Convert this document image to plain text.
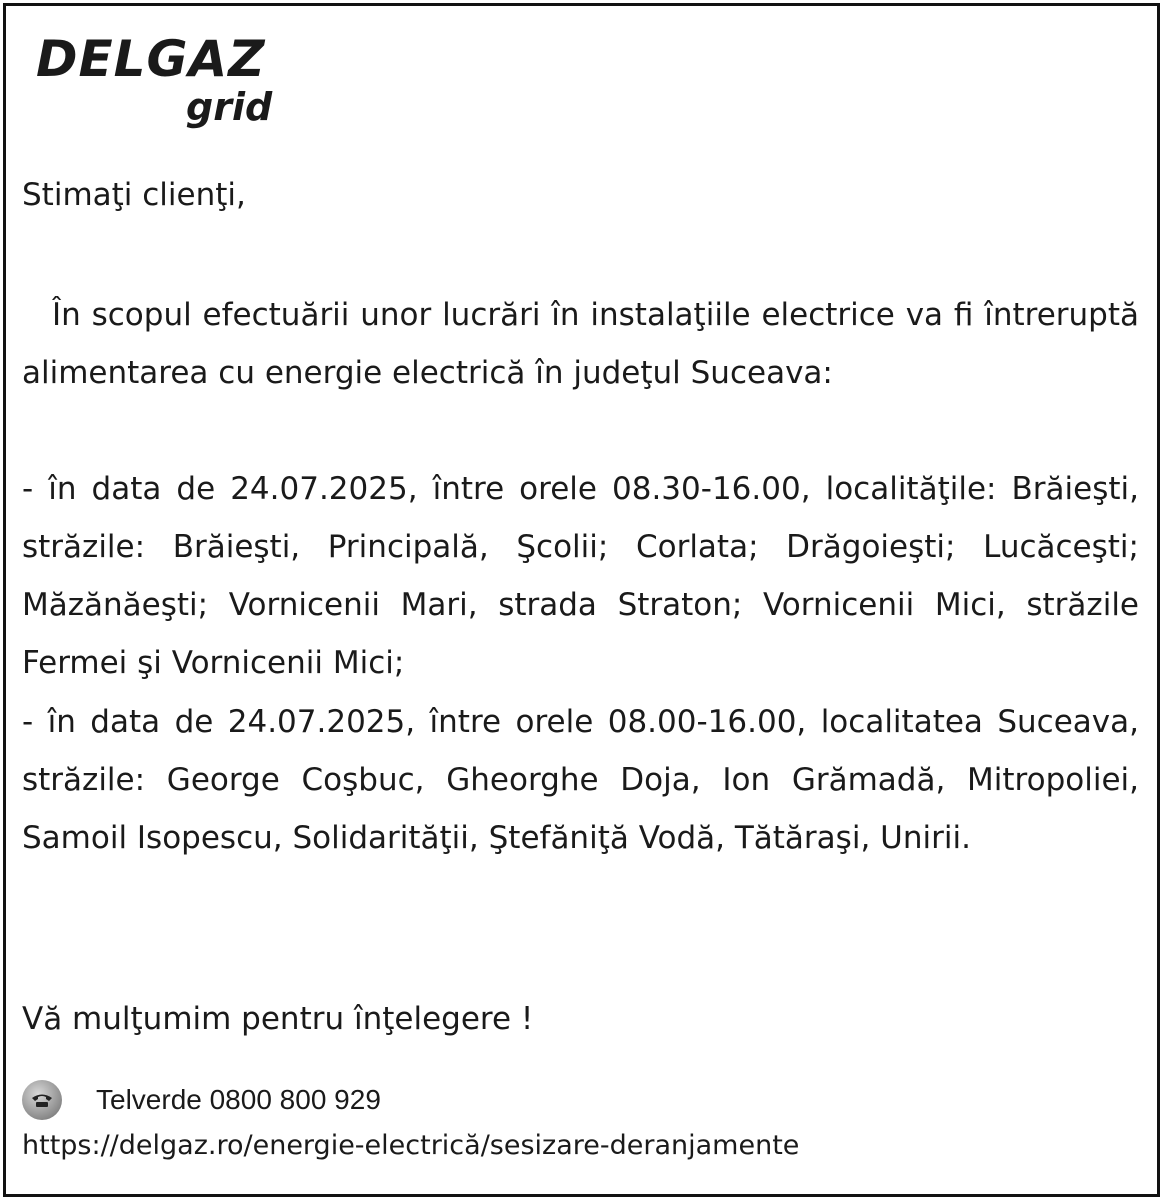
DELGAZ
grid

Stimaţi clienţi,

În scopul efectuării unor lucrări în instalaţiile electrice va fi întreruptă alimentarea cu energie electrică în judeţul Suceava:

- în data de 24.07.2025, între orele 08.30-16.00, localităţile: Brăieşti, străzile: Brăieşti, Principală, Şcolii; Corlata; Drăgoieşti; Lucăceşti; Măzănăeşti; Vornicenii Mari, strada Straton; Vornicenii Mici, străzile Fermei şi Vornicenii Mici;

- în data de 24.07.2025, între orele 08.00-16.00, localitatea Suceava, străzile: George Coşbuc, Gheorghe Doja, Ion Grămadă, Mitropoliei, Samoil Isopescu, Solidarităţii, Ştefăniţă Vodă, Tătăraşi, Unirii.

Vă mulţumim pentru înţelegere !

Telverde 0800 800 929

https://delgaz.ro/energie-electrică/sesizare-deranjamente
